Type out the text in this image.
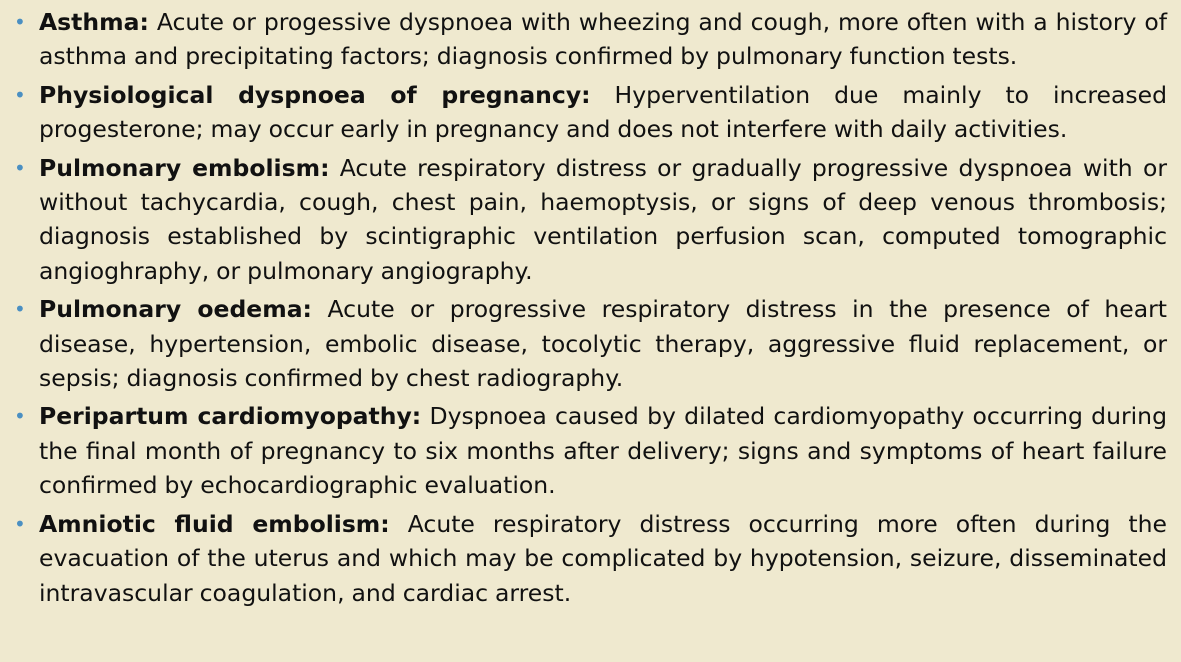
• Asthma: Acute or progessive dyspnoea with wheezing and cough, more often with a history of asthma and precipitating factors; diagnosis confirmed by pulmonary function tests.
• Physiological dyspnoea of pregnancy: Hyperventilation due mainly to increased progesterone; may occur early in pregnancy and does not interfere with daily activities.
• Pulmonary embolism: Acute respiratory distress or gradually progressive dyspnoea with or without tachycardia, cough, chest pain, haemoptysis, or signs of deep venous thrombosis; diagnosis established by scintigraphic ventilation perfusion scan, computed tomographic angioghraphy, or pulmonary angiography.
• Pulmonary oedema: Acute or progressive respiratory distress in the presence of heart disease, hypertension, embolic disease, tocolytic therapy, aggressive fluid replacement, or sepsis; diagnosis confirmed by chest radiography.
• Peripartum cardiomyopathy: Dyspnoea caused by dilated cardiomyopathy occurring during the final month of pregnancy to six months after delivery; signs and symptoms of heart failure confirmed by echocardiographic evaluation.
• Amniotic fluid embolism: Acute respiratory distress occurring more often during the evacuation of the uterus and which may be complicated by hypotension, seizure, disseminated intravascular coagulation, and cardiac arrest.
